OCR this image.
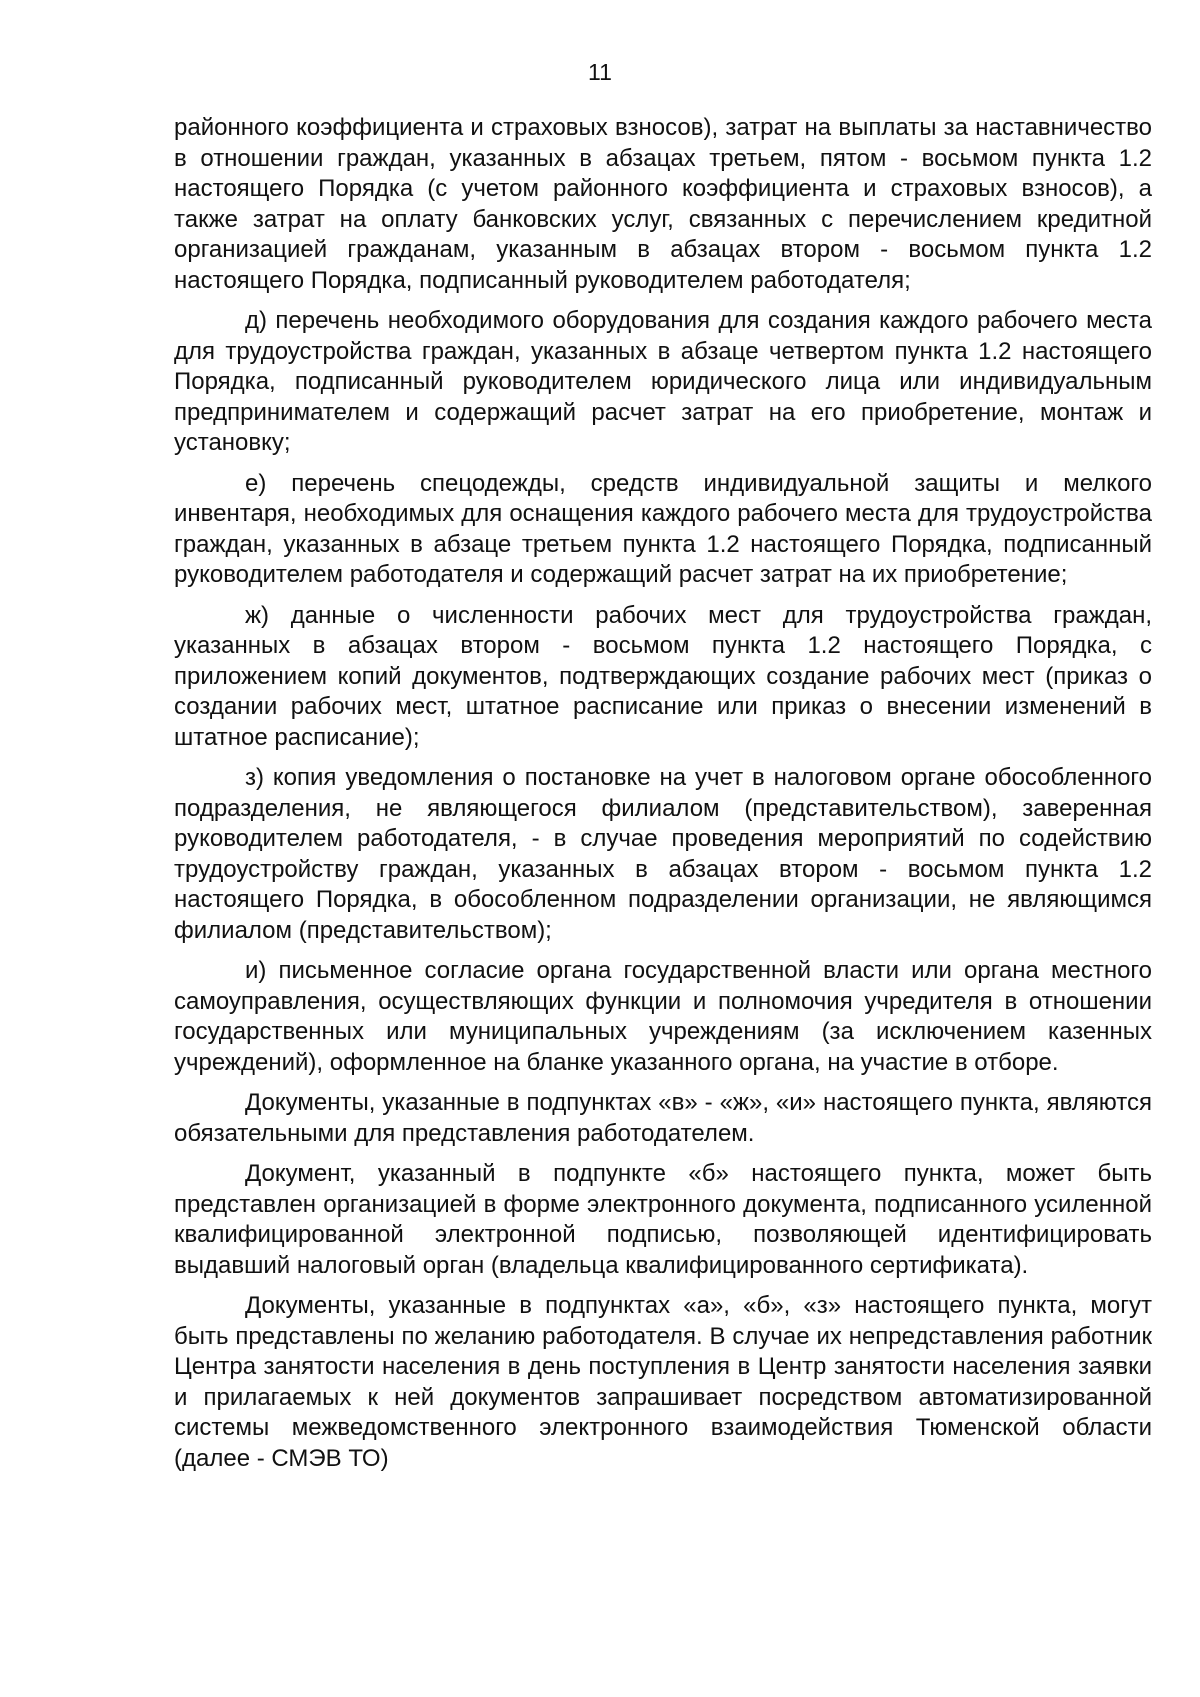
11

районного коэффициента и страховых взносов), затрат на выплаты за наставничество в отношении граждан, указанных в абзацах третьем, пятом - восьмом пункта 1.2 настоящего Порядка (с учетом районного коэффициента и страховых взносов), а также затрат на оплату банковских услуг, связанных с перечислением кредитной организацией гражданам, указанным в абзацах втором - восьмом пункта 1.2 настоящего Порядка, подписанный руководителем работодателя;

д) перечень необходимого оборудования для создания каждого рабочего места для трудоустройства граждан, указанных в абзаце четвертом пункта 1.2 настоящего Порядка, подписанный руководителем юридического лица или индивидуальным предпринимателем и содержащий расчет затрат на его приобретение, монтаж и установку;

е) перечень спецодежды, средств индивидуальной защиты и мелкого инвентаря, необходимых для оснащения каждого рабочего места для трудоустройства граждан, указанных в абзаце третьем пункта 1.2 настоящего Порядка, подписанный руководителем работодателя и содержащий расчет затрат на их приобретение;

ж) данные о численности рабочих мест для трудоустройства граждан, указанных в абзацах втором - восьмом пункта 1.2 настоящего Порядка, с приложением копий документов, подтверждающих создание рабочих мест (приказ о создании рабочих мест, штатное расписание или приказ о внесении изменений в штатное расписание);

з) копия уведомления о постановке на учет в налоговом органе обособленного подразделения, не являющегося филиалом (представительством), заверенная руководителем работодателя, - в случае проведения мероприятий по содействию трудоустройству граждан, указанных в абзацах втором - восьмом пункта 1.2 настоящего Порядка, в обособленном подразделении организации, не являющимся филиалом (представительством);

и) письменное согласие органа государственной власти или органа местного самоуправления, осуществляющих функции и полномочия учредителя в отношении государственных или муниципальных учреждениям (за исключением казенных учреждений), оформленное на бланке указанного органа, на участие в отборе.

Документы, указанные в подпунктах «в» - «ж», «и» настоящего пункта, являются обязательными для представления работодателем.

Документ, указанный в подпункте «б» настоящего пункта, может быть представлен организацией в форме электронного документа, подписанного усиленной квалифицированной электронной подписью, позволяющей идентифицировать выдавший налоговый орган (владельца квалифицированного сертификата).

Документы, указанные в подпунктах «а», «б», «з» настоящего пункта, могут быть представлены по желанию работодателя. В случае их непредставления работник Центра занятости населения в день поступления в Центр занятости населения заявки и прилагаемых к ней документов запрашивает посредством автоматизированной системы межведомственного электронного взаимодействия Тюменской области (далее - СМЭВ ТО)
